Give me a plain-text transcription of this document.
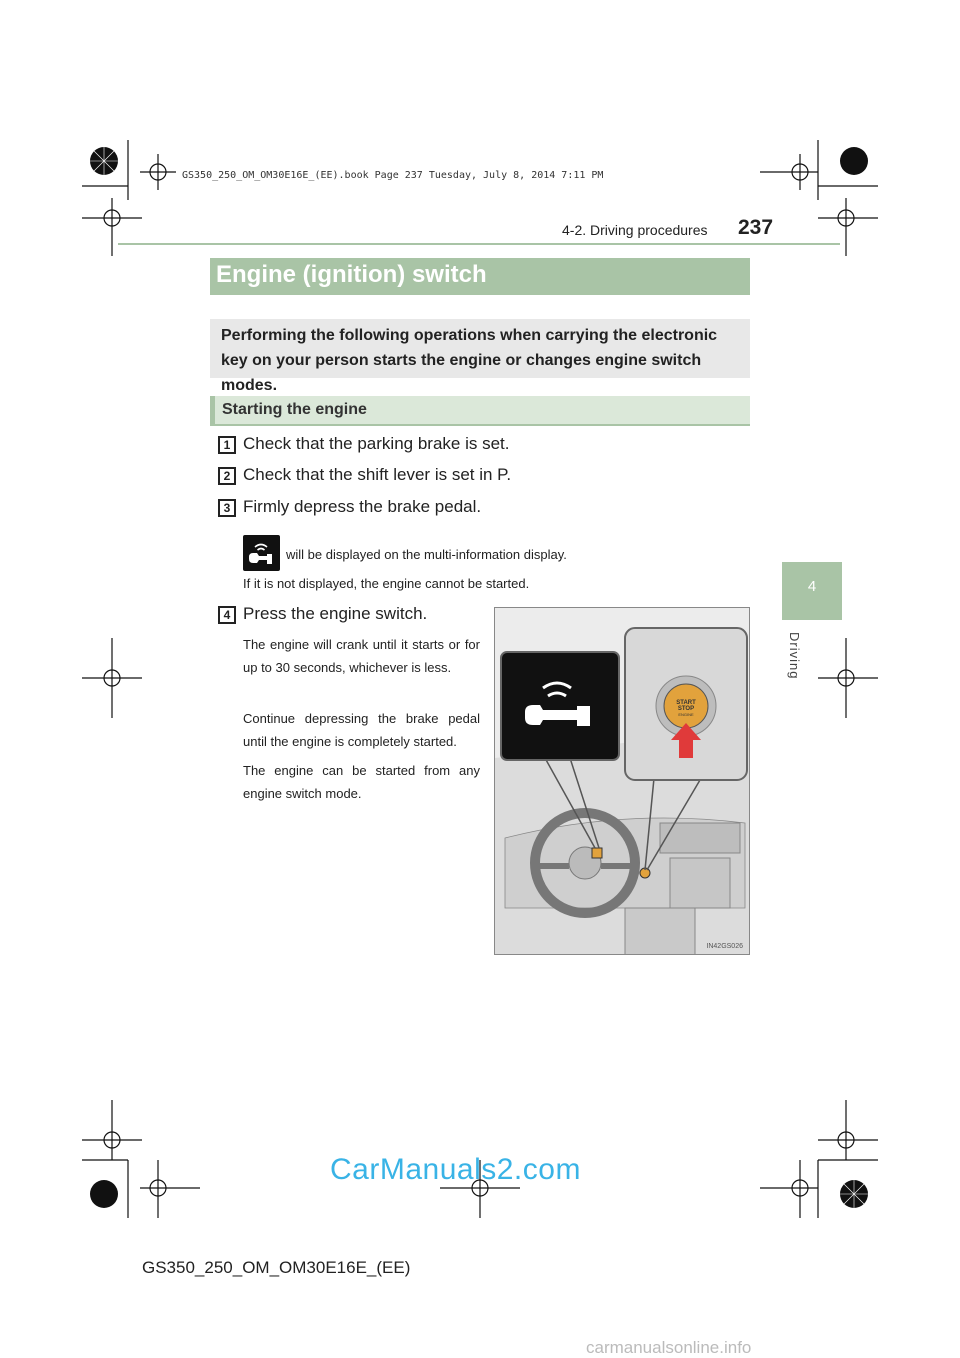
GS350_250_OM_OM30E16E_(EE).book Page 237 Tuesday, July 8, 2014 7:11 PM
4-2. Driving procedures 237
4
Driving
Engine (ignition) switch
Performing the following operations when carrying the electronic key on your person starts the engine or changes engine switch modes.
Starting the engine
1 Check that the parking brake is set.
2 Check that the shift lever is set in P.
3 Firmly depress the brake pedal.
will be displayed on the multi-information display.
If it is not displayed, the engine cannot be started.
4 Press the engine switch.
The engine will crank until it starts or for up to 30 seconds, whichever is less.
Continue depressing the brake pedal until the engine is completely started.
The engine can be started from any engine switch mode.
START
STOP
ENGINE
IN42GS026
CarManuals2.com
GS350_250_OM_OM30E16E_(EE)
carmanualsonline.info
